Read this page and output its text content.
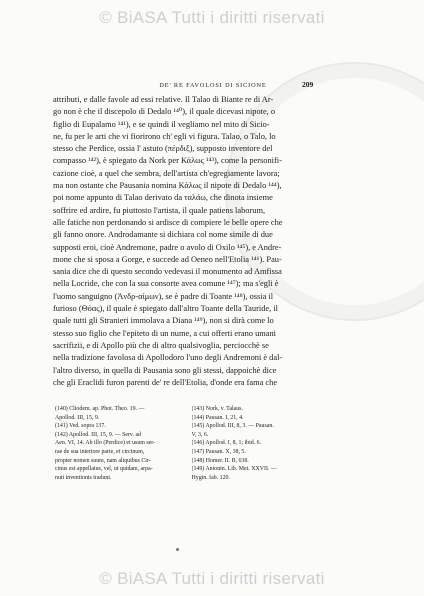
© BiASA Tutti i diritti riservati
DE' RE FAVOLOSI DI SICIONE	209
attributi, e dalle favole ad essi relative. Il Talao di Biante re di Ar-
go non è che il discepolo di Dedalo ¹⁴⁰), il quale dicevasi nipote, o
figlio di Eupalamo ¹⁴¹), e se quindi il vegliamo nel mito di Sicio-
ne, fu per le arti che vi fiorirono ch' egli vi figura. Talao, o Talo, lo
stesso che Perdice, ossia l' astuto (πέρδιξ), supposto inventore del
compasso ¹⁴²), è spiegato da Nork per Κάλως ¹⁴³), come la personifi-
cazione cioè, a quel che sembra, dell'artista ch'egregiamente lavora;
ma non ostante che Pausania nomina Κάλως il nipote di Dedalo ¹⁴⁴),
poi nome appunto di Talao derivato da ταλάω, che dinota insieme
soffrire ed ardire, fu piuttosto l'artista, il quale patiens laborum,
alle fatiche non perdonando si ardisce di compiere le belle opere che
gli fanno onore. Androdamante si dichiara col nome simile di due
supposti eroi, cioè Andremone, padre o avolo di Oxilo ¹⁴⁵), e Andre-
mone che si sposa a Gorge, e succede ad Oeneo nell'Etolia ¹⁴⁶). Pau-
sania dice che di questo secondo vedevasi il monumento ad Amfissa
nella Locride, che con la sua consorte avea comune ¹⁴⁷); ma s'egli è
l'uomo sanguigno (Ἀνδρ-αίμων), se è padre di Toante ¹⁴⁸), ossia il
furioso (Θόας), il quale è spiegato dall'altro Toante della Tauride, il
quale tutti gli Stranieri immolava a Diana ¹⁴⁹), non si dirà come lo
stesso suo figlio che l'epiteto di un nume, a cui offerti erano umani
sacrifizii, e di Apollo più che di altro qualsivoglia, perciocchè se
nella tradizione favolosa di Apollodoro l'uno degli Andremoni è dal-
l'altro diverso, in quella di Pausania sono gli stessi, dappoichè dice
che gli Eraclidi furon parenti de' re dell'Etolia, d'onde era fama che
(140) Cliodem. ap. Phot. Theo. 19. —
Apollod. III, 15, 9.
(141) Ved. sopra 137.
(142) Apollod. III, 15, 9. — Serv. ad
Aen. VI, 14. Ab illo (Perdice) et usum ser-
rae de sua interiore parte, et circinum,
propter nomen suum, nam aliquibus Cir-
cinus est appellatus, vel, ut quidam, arpa-
nuti inventionis tradunt.
(143) Nork, v. Talaus.
(144) Pausan. I, 21, 4.
(145) Apollod. III, 8, 3. — Pausan.
V, 3, 6.
(146) Apollod. I, 8, 1; ibid. 6.
(147) Pausan. X, 38, 5.
(148) Homer. II. B, 638.
(149) Antonin. Lib. Met. XXVII. —
Hygin. fab. 120.
© BiASA Tutti i diritti riservati
